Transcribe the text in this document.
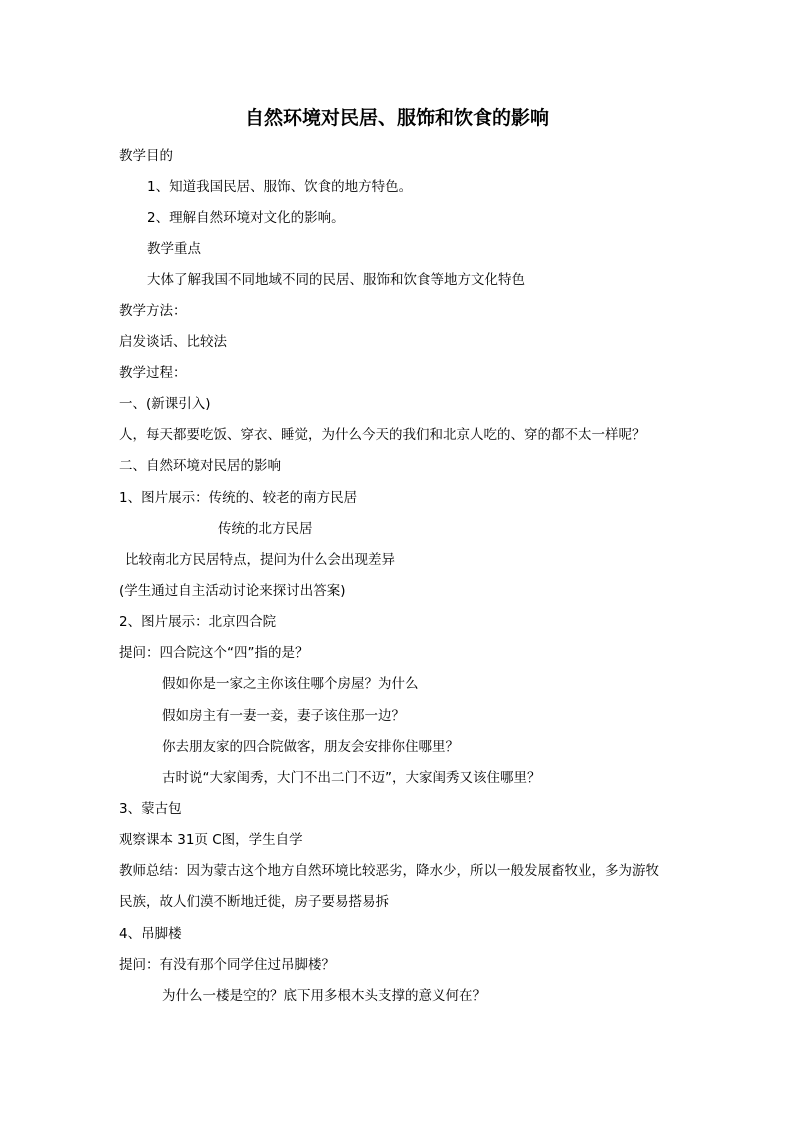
自然环境对民居、服饰和饮食的影响
教学目的
1、知道我国民居、服饰、饮食的地方特色。
2、理解自然环境对文化的影响。
教学重点
大体了解我国不同地域不同的民居、服饰和饮食等地方文化特色
教学方法：
启发谈话、比较法
教学过程：
一、(新课引入)
人，每天都要吃饭、穿衣、睡觉，为什么今天的我们和北京人吃的、穿的都不太一样呢？
二、自然环境对民居的影响
1、图片展示：传统的、较老的南方民居
传统的北方民居
比较南北方民居特点，提问为什么会出现差异
(学生通过自主活动讨论来探讨出答案)
2、图片展示：北京四合院
提问：四合院这个“四”指的是？
假如你是一家之主你该住哪个房屋？为什么
假如房主有一妻一妾，妻子该住那一边？
你去朋友家的四合院做客，朋友会安排你住哪里？
古时说“大家闺秀，大门不出二门不迈”，大家闺秀又该住哪里？
3、蒙古包
观察课本 31页 C图，学生自学
教师总结：因为蒙古这个地方自然环境比较恶劣，降水少，所以一般发展畜牧业，多为游牧
民族，故人们漠不断地迁徙，房子要易搭易拆
4、吊脚楼
提问：有没有那个同学住过吊脚楼？
为什么一楼是空的？底下用多根木头支撑的意义何在？
